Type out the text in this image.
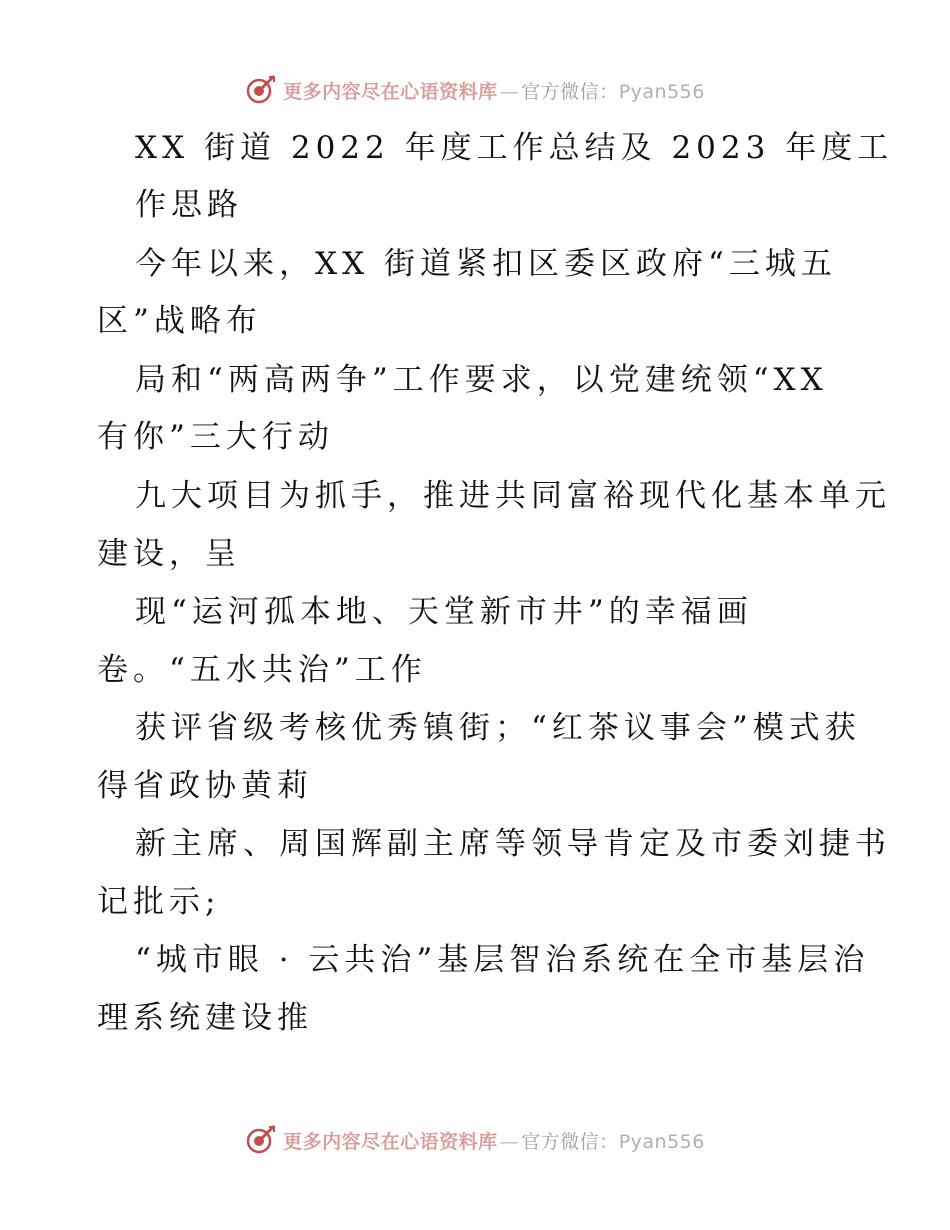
更多内容尽在心语资料库 — 官方微信：Pyan556
XX 街道 2022 年度工作总结及 2023 年度工
作思路
今年以来，XX 街道紧扣区委区政府“三城五
区”战略布
局和“两高两争”工作要求，以党建统领“XX
有你”三大行动
九大项目为抓手，推进共同富裕现代化基本单元
建设，呈
现“运河孤本地、天堂新市井”的幸福画
卷。“五水共治”工作
获评省级考核优秀镇街；“红茶议事会”模式获
得省政协黄莉
新主席、周国辉副主席等领导肯定及市委刘捷书
记批示;
“城市眼 · 云共治”基层智治系统在全市基层治
理系统建设推
更多内容尽在心语资料库 — 官方微信：Pyan556
